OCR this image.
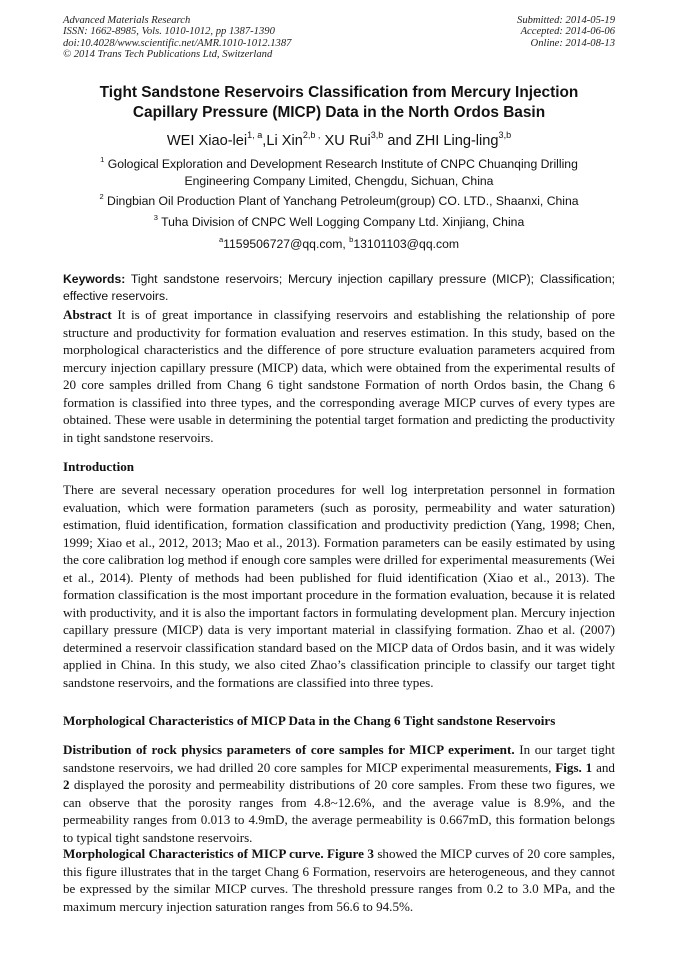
Advanced Materials Research
ISSN: 1662-8985, Vols. 1010-1012, pp 1387-1390
doi:10.4028/www.scientific.net/AMR.1010-1012.1387
© 2014 Trans Tech Publications Ltd, Switzerland
Submitted: 2014-05-19
Accepted: 2014-06-06
Online: 2014-08-13
Tight Sandstone Reservoirs Classification from Mercury Injection
Capillary Pressure (MICP) Data in the North Ordos Basin
WEI Xiao-lei$^{1, a}$,Li Xin$^{2,b ,}$ XU Rui$^{3,b}$ and ZHI Ling-ling$^{3,b}$
$^1$ Gological Exploration and Development Research Institute of CNPC Chuanqing Drilling
Engineering Company Limited, Chengdu, Sichuan, China
$^2$ Dingbian Oil Production Plant of Yanchang Petroleum(group) CO. LTD., Shaanxi, China
$^3$ Tuha Division of CNPC Well Logging Company Ltd. Xinjiang, China
$^a$1159506727@qq.com, $^b$13101103@qq.com
Keywords: Tight sandstone reservoirs; Mercury injection capillary pressure (MICP); Classification; effective reservoirs.
Abstract It is of great importance in classifying reservoirs and establishing the relationship of pore structure and productivity for formation evaluation and reserves estimation. In this study, based on the morphological characteristics and the difference of pore structure evaluation parameters acquired from mercury injection capillary pressure (MICP) data, which were obtained from the experimental results of 20 core samples drilled from Chang 6 tight sandstone Formation of north Ordos basin, the Chang 6 formation is classified into three types, and the corresponding average MICP curves of every types are obtained. These were usable in determining the potential target formation and predicting the productivity in tight sandstone reservoirs.
Introduction
There are several necessary operation procedures for well log interpretation personnel in formation evaluation, which were formation parameters (such as porosity, permeability and water saturation) estimation, fluid identification, formation classification and productivity prediction (Yang, 1998; Chen, 1999; Xiao et al., 2012, 2013; Mao et al., 2013). Formation parameters can be easily estimated by using the core calibration log method if enough core samples were drilled for experimental measurements (Wei et al., 2014). Plenty of methods had been published for fluid identification (Xiao et al., 2013). The formation classification is the most important procedure in the formation evaluation, because it is related with productivity, and it is also the important factors in formulating development plan. Mercury injection capillary pressure (MICP) data is very important material in classifying formation. Zhao et al. (2007) determined a reservoir classification standard based on the MICP data of Ordos basin, and it was widely applied in China. In this study, we also cited Zhao’s classification principle to classify our target tight sandstone reservoirs, and the formations are classified into three types.
Morphological Characteristics of MICP Data in the Chang 6 Tight sandstone Reservoirs
Distribution of rock physics parameters of core samples for MICP experiment. In our target tight sandstone reservoirs, we had drilled 20 core samples for MICP experimental measurements, Figs. 1 and 2 displayed the porosity and permeability distributions of 20 core samples. From these two figures, we can observe that the porosity ranges from 4.8~12.6%, and the average value is 8.9%, and the permeability ranges from 0.013 to 4.9mD, the average permeability is 0.667mD, this formation belongs to typical tight sandstone reservoirs.
Morphological Characteristics of MICP curve. Figure 3 showed the MICP curves of 20 core samples, this figure illustrates that in the target Chang 6 Formation, reservoirs are heterogeneous, and they cannot be expressed by the similar MICP curves. The threshold pressure ranges from 0.2 to 3.0 MPa, and the maximum mercury injection saturation ranges from 56.6 to 94.5%.
